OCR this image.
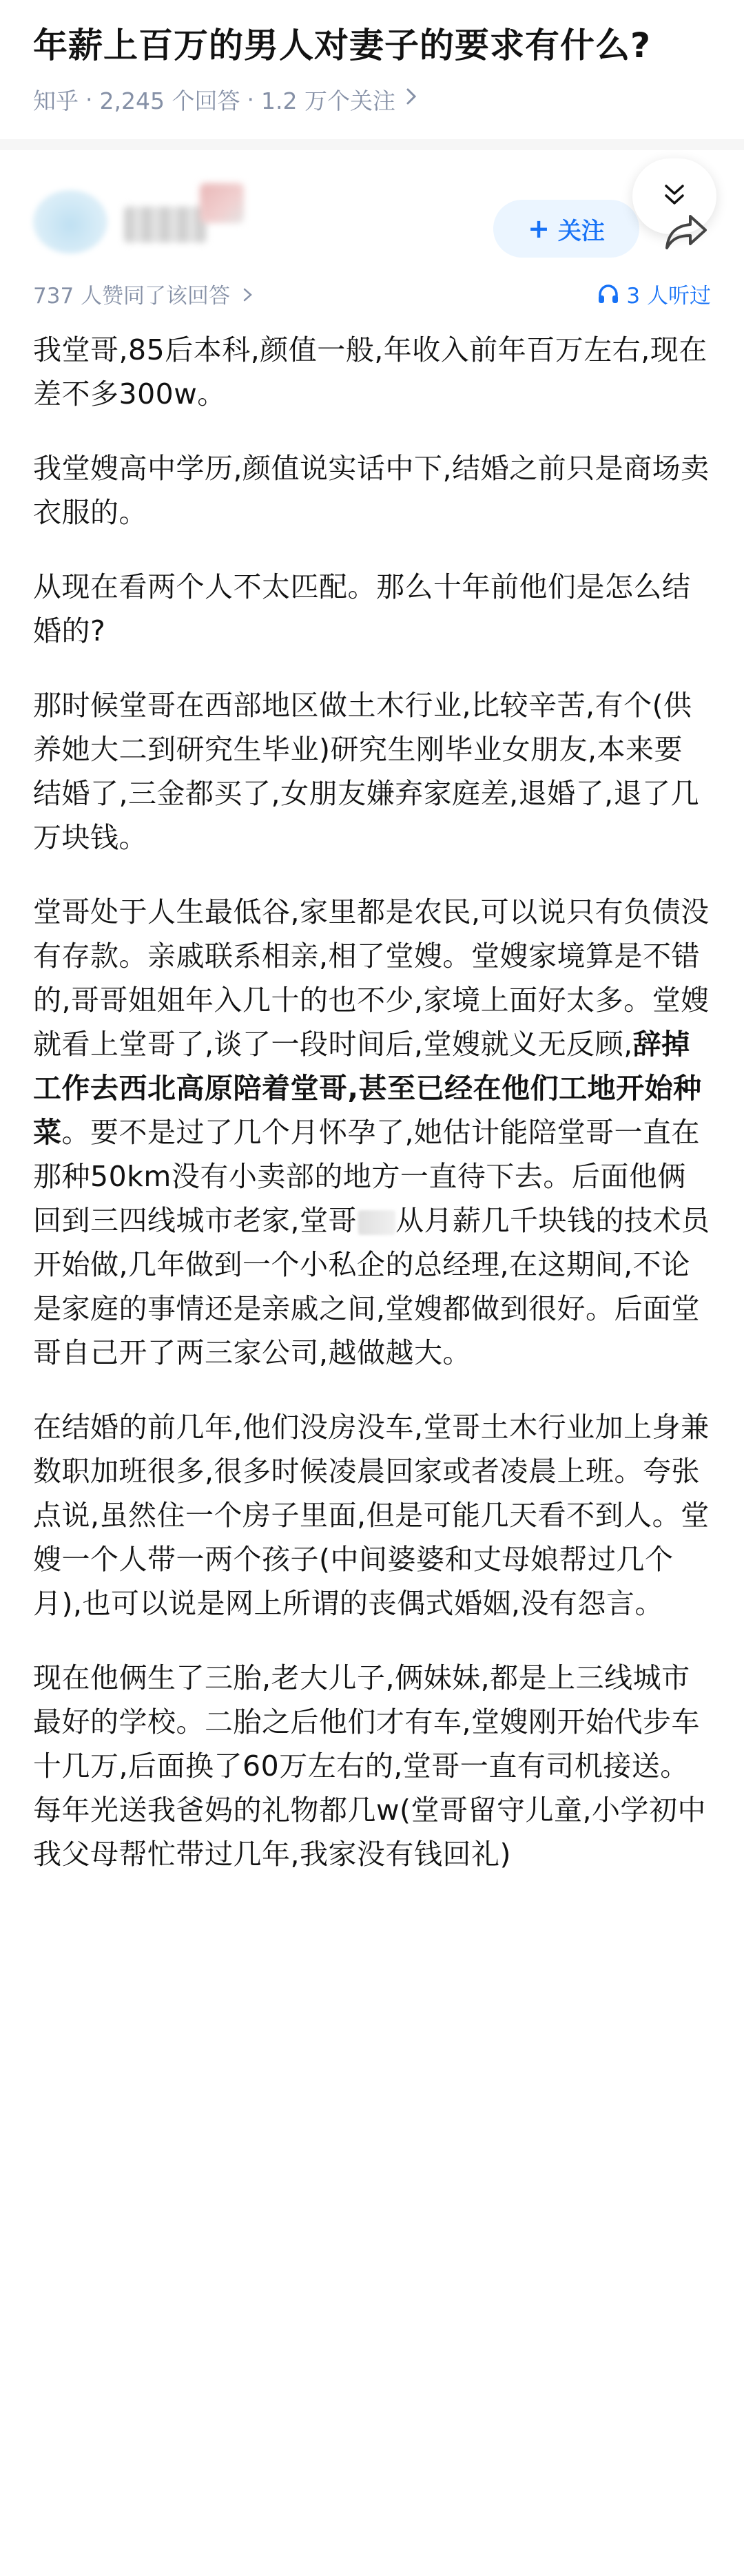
年薪上百万的男人对妻子的要求有什么?
知乎 · 2,245 个回答 · 1.2 万个关注
+ 关注
737 人赞同了该回答	3 人听过

我堂哥,85后本科,颜值一般,年收入前年百万左右,现在差不多300w。

我堂嫂高中学历,颜值说实话中下,结婚之前只是商场卖衣服的。

从现在看两个人不太匹配。那么十年前他们是怎么结婚的?

那时候堂哥在西部地区做土木行业,比较辛苦,有个(供养她大二到研究生毕业)研究生刚毕业女朋友,本来要结婚了,三金都买了,女朋友嫌弃家庭差,退婚了,退了几万块钱。

堂哥处于人生最低谷,家里都是农民,可以说只有负债没有存款。亲戚联系相亲,相了堂嫂。堂嫂家境算是不错的,哥哥姐姐年入几十的也不少,家境上面好太多。堂嫂就看上堂哥了,谈了一段时间后,堂嫂就义无反顾,辞掉工作去西北高原陪着堂哥,甚至已经在他们工地开始种菜。要不是过了几个月怀孕了,她估计能陪堂哥一直在那种50km没有小卖部的地方一直待下去。后面他俩回到三四线城市老家,堂哥 从月薪几千块钱的技术员开始做,几年做到一个小私企的总经理,在这期间,不论是家庭的事情还是亲戚之间,堂嫂都做到很好。后面堂哥自己开了两三家公司,越做越大。

在结婚的前几年,他们没房没车,堂哥土木行业加上身兼数职加班很多,很多时候凌晨回家或者凌晨上班。夸张点说,虽然住一个房子里面,但是可能几天看不到人。堂嫂一个人带一两个孩子(中间婆婆和丈母娘帮过几个月),也可以说是网上所谓的丧偶式婚姻,没有怨言。

现在他俩生了三胎,老大儿子,俩妹妹,都是上三线城市最好的学校。二胎之后他们才有车,堂嫂刚开始代步车十几万,后面换了60万左右的,堂哥一直有司机接送。每年光送我爸妈的礼物都几w(堂哥留守儿童,小学初中我父母帮忙带过几年,我家没有钱回礼)
